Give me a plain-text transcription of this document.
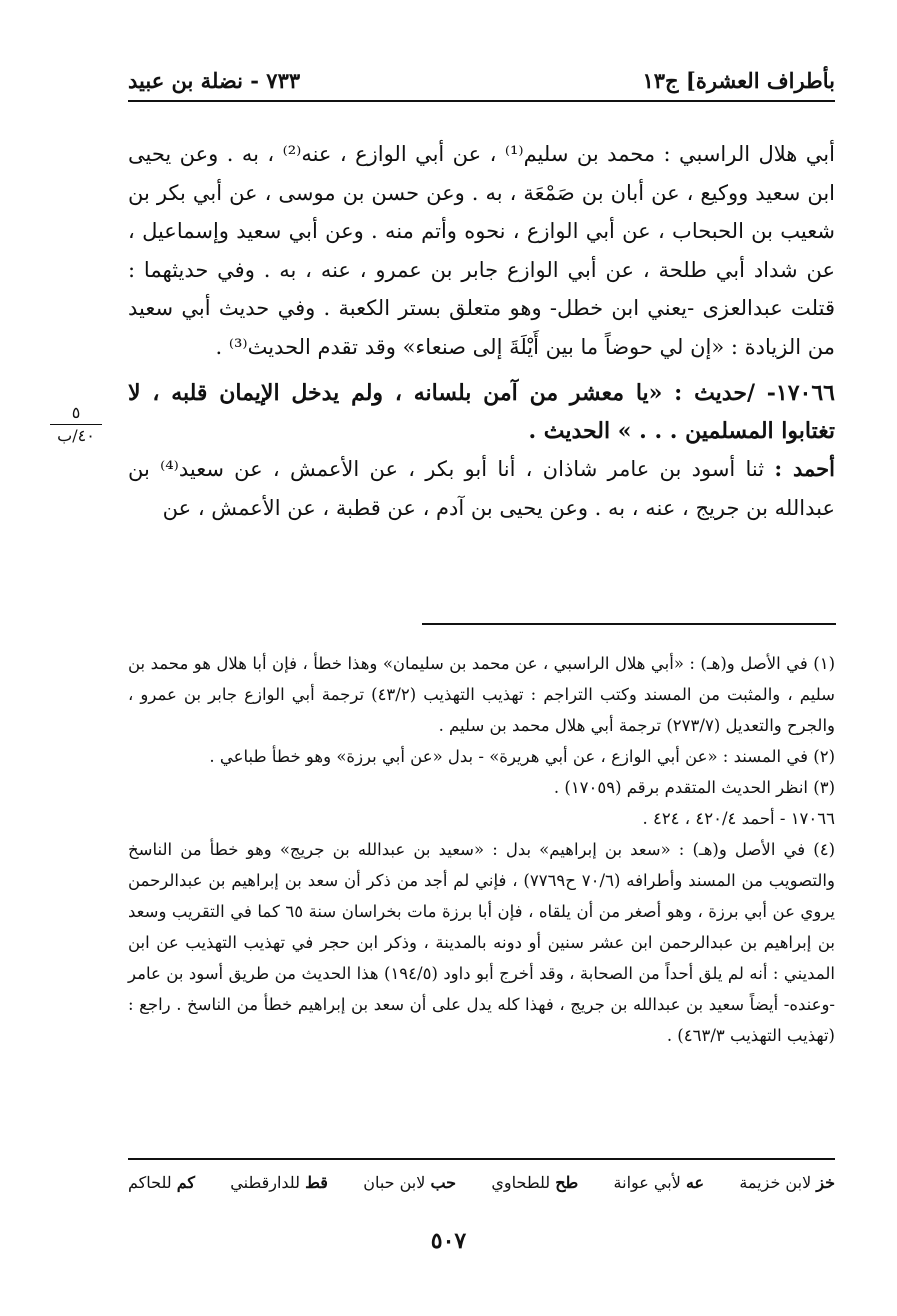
بأطراف العشرة] ج١٣
٧٣٣ - نضلة بن عبيد

أبي هلال الراسبي : محمد بن سليم⁽¹⁾ ، عن أبي الوازع ، عنه⁽²⁾ ، به . وعن يحيى ابن سعيد ووكيع ، عن أبان بن صَمْعَة ، به . وعن حسن بن موسى ، عن أبي بكر بن شعيب بن الحبحاب ، عن أبي الوازع ، نحوه وأتم منه . وعن أبي سعيد وإسماعيل ، عن شداد أبي طلحة ، عن أبي الوازع جابر بن عمرو ، عنه ، به . وفي حديثهما : قتلت عبدالعزى -يعني ابن خطل- وهو متعلق بستر الكعبة . وفي حديث أبي سعيد من الزيادة : «إن لي حوضاً ما بين أَيْلَةَ إلى صنعاء» وقد تقدم الحديث⁽³⁾ .

١٧٠٦٦- /حديث : «يا معشر من آمن بلسانه ، ولم يدخل الإيمان قلبه ، لا تغتابوا المسلمين . . . » الحديث .

أحمد : ثنا أسود بن عامر شاذان ، أنا أبو بكر ، عن الأعمش ، عن سعيد⁽⁴⁾ بن عبدالله بن جريج ، عنه ، به . وعن يحيى بن آدم ، عن قطبة ، عن الأعمش ، عن

٥
٤٠/ب

(١) في الأصل و(هـ) : «أبي هلال الراسبي ، عن محمد بن سليمان» وهذا خطأ ، فإن أبا هلال هو محمد بن سليم ، والمثبت من المسند وكتب التراجم : تهذيب التهذيب (٤٣/٢) ترجمة أبي الوازع جابر بن عمرو ، والجرح والتعديل (٢٧٣/٧) ترجمة أبي هلال محمد بن سليم .

(٢) في المسند : «عن أبي الوازع ، عن أبي هريرة» - بدل «عن أبي برزة» وهو خطأ طباعي .

(٣) انظر الحديث المتقدم برقم (١٧٠٥٩) .

١٧٠٦٦ - أحمد ٤٢٠/٤ ، ٤٢٤ .

(٤) في الأصل و(هـ) : «سعد بن إبراهيم» بدل : «سعيد بن عبدالله بن جريج» وهو خطأ من الناسخ والتصويب من المسند وأطرافه (٧٠/٦ ح٧٧٦٩) ، فإني لم أجد من ذكر أن سعد بن إبراهيم بن عبدالرحمن يروي عن أبي برزة ، وهو أصغر من أن يلقاه ، فإن أبا برزة مات بخراسان سنة ٦٥ كما في التقريب وسعد بن إبراهيم بن عبدالرحمن ابن عشر سنين أو دونه بالمدينة ، وذكر ابن حجر في تهذيب التهذيب عن ابن المديني : أنه لم يلق أحداً من الصحابة ، وقد أخرج أبو داود (١٩٤/٥) هذا الحديث من طريق أسود بن عامر -وعنده- أيضاً سعيد بن عبدالله بن جريج ، فهذا كله يدل على أن سعد بن إبراهيم خطأ من الناسخ . راجع : (تهذيب التهذيب ٤٦٣/٣) .

خز لابن خزيمة
عه لأبي عوانة
طح للطحاوي
حب لابن حبان
قط للدارقطني
كم للحاكم
٥٠٧
